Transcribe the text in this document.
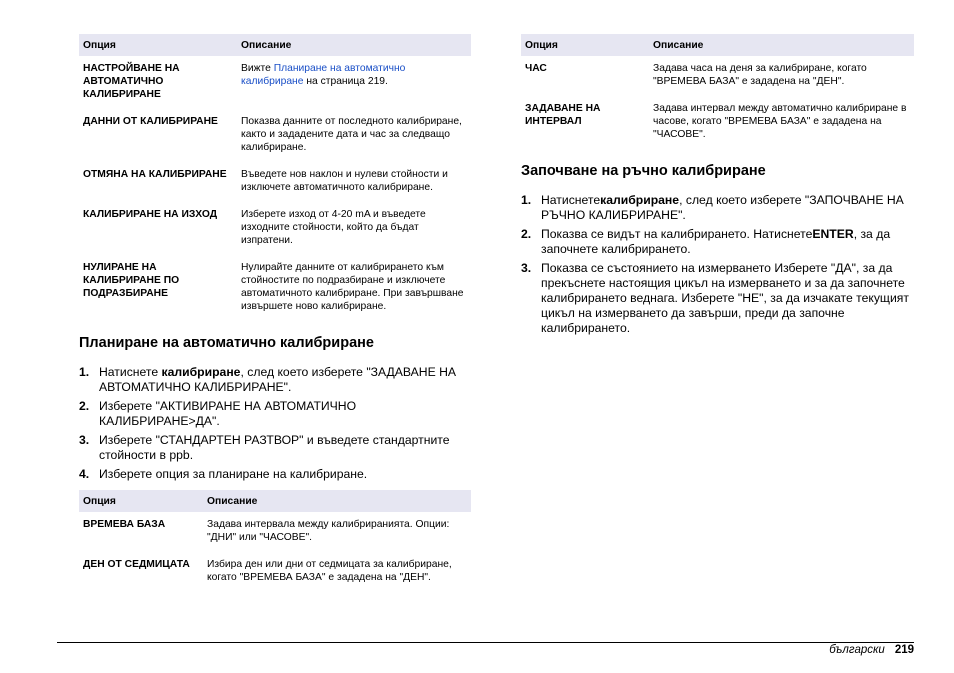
Опция	Описание
НАСТРОЙВАНЕ НА АВТОМАТИЧНО КАЛИБРИРАНЕ	Вижте Планиране на автоматично калибриране на страница 219.
ДАННИ ОТ КАЛИБРИРАНЕ	Показва данните от последното калибриране, както и зададените дата и час за следващо калибриране.
ОТМЯНА НА КАЛИБРИРАНЕ	Въведете нов наклон и нулеви стойности и изключете автоматичното калибриране.
КАЛИБРИРАНЕ НА ИЗХОД	Изберете изход от 4-20 mA и въведете изходните стойности, който да бъдат изпратени.
НУЛИРАНЕ НА КАЛИБРИРАНЕ ПО ПОДРАЗБИРАНЕ	Нулирайте данните от калибрирането към стойностите по подразбиране и изключете автоматичното калибриране. При завършване извършете ново калибриране.
Планиране на автоматично калибриране
1. Натиснете калибриране, след което изберете "ЗАДАВАНЕ НА АВТОМАТИЧНО КАЛИБРИРАНЕ".
2. Изберете "АКТИВИРАНЕ НА АВТОМАТИЧНО КАЛИБРИРАНЕ>ДА".
3. Изберете "СТАНДАРТЕН РАЗТВОР" и въведете стандартните стойности в ppb.
4. Изберете опция за планиране на калибриране.
Опция	Описание
ВРЕМЕВА БАЗА	Задава интервала между калибриранията. Опции: "ДНИ" или "ЧАСОВЕ".
ДЕН ОТ СЕДМИЦАТА	Избира ден или дни от седмицата за калибриране, когато "ВРЕМЕВА БАЗА" е зададена на "ДЕН".
Опция	Описание
ЧАС	Задава часа на деня за калибриране, когато "ВРЕМЕВА БАЗА" е зададена на "ДЕН".
ЗАДАВАНЕ НА ИНТЕРВАЛ	Задава интервал между автоматично калибриране в часове, когато "ВРЕМЕВА БАЗА" е зададена на "ЧАСОВЕ".
Започване на ръчно калибриране
1. Натиснетекалибриране, след което изберете "ЗАПОЧВАНЕ НА РЪЧНО КАЛИБРИРАНЕ".
2. Показва се видът на калибрирането. НатиснетеENTER, за да започнете калибрирането.
3. Показва се състоянието на измерването Изберете "ДА", за да прекъснете настоящия цикъл на измерването и за да започнете калибрирането веднага. Изберете "НЕ", за да изчакате текущият цикъл на измерването да завърши, преди да започне калибрирането.
български 219
